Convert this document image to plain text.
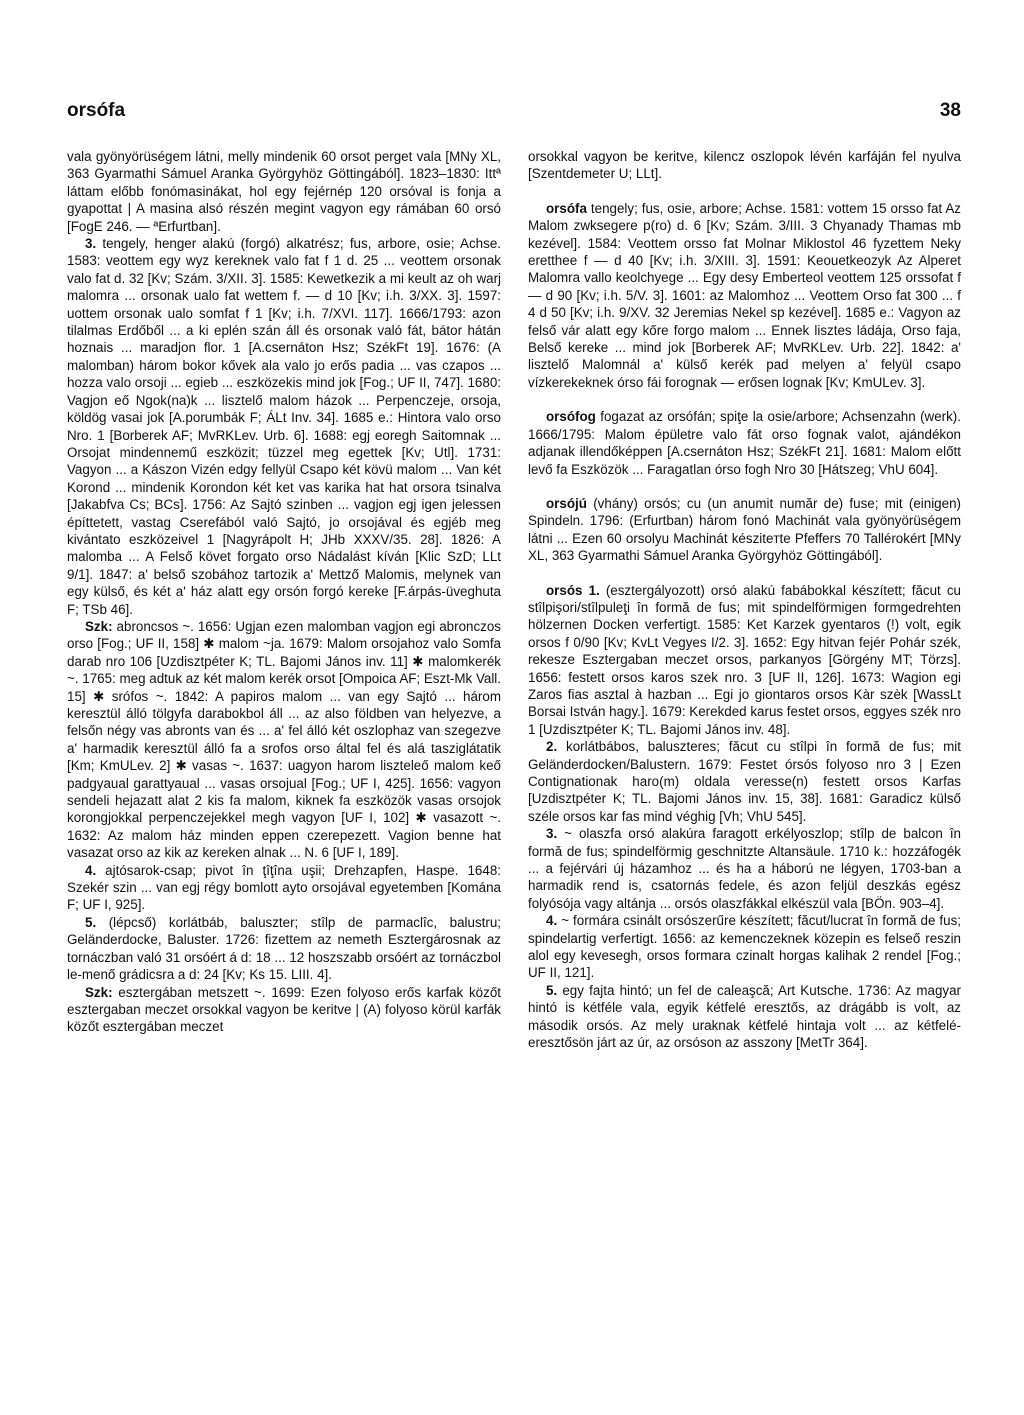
orsófa	38

vala gyönyörüségem látni, melly mindenik 60 orsot perget vala [MNy XL, 363 Gyarmathi Sámuel Aranka Györgyhöz Göttingából]. 1823–1830: Ittª láttam előbb fonómasinákat, hol egy fejérnép 120 orsóval is fonja a gyapottat | A masina alsó részén megint vagyon egy rámában 60 orsó [FogE 246. — ªErfurtban].

3. tengely, henger alakú (forgó) alkatrész; fus, arbore, osie; Achse. 1583: veottem egy wyz kereknek valo fat f 1 d. 25 ... veottem orsonak valo fat d. 32 [Kv; Szám. 3/XII. 3]. 1585: Kewetkezik a mi keult az oh warj malomra ... orsonak ualo fat wettem f. — d 10 [Kv; i.h. 3/XX. 3]. 1597: uottem orsonak ualo somfat f 1 [Kv; i.h. 7/XVI. 117]. 1666/1793: azon tilalmas Erdőből ... a ki eplén szán áll és orsonak való fát, bátor hátán hoznais ... maradjon flor. 1 [A.csernáton Hsz; SzékFt 19]. 1676: (A malomban) három bokor kővek ala valo jo erős padia ... vas czapos ... hozza valo orsoji ... egieb ... eszközekis mind jok [Fog.; UF II, 747]. 1680: Vagjon eő Ngok(na)k ... lisztelő malom házok ... Perpenczeje, orsoja, köldög vasai jok [A.porumbák F; ÁLt Inv. 34]. 1685 e.: Hintora valo orso Nro. 1 [Borberek AF; MvRKLev. Urb. 6]. 1688: egj eoregh Saitomnak ... Orsojat mindennemű eszközit; tüzzel meg egettek [Kv; Utl]. 1731: Vagyon ... a Kászon Vizén edgy fellyül Csapo két kövü malom ... Van két Korond ... mindenik Korondon két ket vas karika hat hat orsora tsinalva [Jakabfva Cs; BCs]. 1756: Az Sajtó szinben ... vagjon egj igen jelessen építtetett, vastag Cserefából való Sajtó, jo orsojával és egjéb meg kivántato eszközeivel 1 [Nagyrápolt H; JHb XXXV/35. 28]. 1826: A malomba ... A Felső követ forgato orso Nádalást kíván [Klic SzD; LLt 9/1]. 1847: a' belső szobához tartozik a' Mettző Malomis, melynek van egy külső, és két a' ház alatt egy orsón forgó kereke [F.árpás-üveghuta F; TSb 46].

Szk: abroncsos ~. 1656: Ugjan ezen malomban vagjon egi abronczos orso [Fog.; UF II, 158] ✱ malom ~ja. 1679: Malom orsojahoz valo Somfa darab nro 106 [Uzdisztpéter K; TL. Bajomi János inv. 11] ✱ malomkerék ~. 1765: meg adtuk az két malom kerék orsot [Ompoica AF; Eszt-Mk Vall. 15] ✱ srófos ~. 1842: A papiros malom ... van egy Sajtó ... három keresztül álló tölgyfa darabokbol áll ... az also földben van helyezve, a felsőn négy vas abronts van és ... a' fel álló két oszlophaz van szegezve a' harmadik keresztül álló fa a srofos orso által fel és alá tasziglátatik [Km; KmULev. 2] ✱ vasas ~. 1637: uagyon harom lisztelеő malom keő padgyaual garattyaual ... vasas orsojual [Fog.; UF I, 425]. 1656: vagyon sendeli hejazatt alat 2 kis fa malom, kiknek fa eszközök vasas orsojok korongjokkal perpenczejekkel megh vagyon [UF I, 102] ✱ vasazott ~. 1632: Az malom ház minden eppen czerepezett. Vagion benne hat vasazat orso az kik az kereken alnak ... N. 6 [UF I, 189].

4. ajtósarok-csap; pivot în ţîţîna uşii; Drehzapfen, Haspe. 1648: Szekér szin ... van egj régy bomlott ayto orsojával egyetemben [Kománа F; UF I, 925].

5. (lépcső) korlátbáb, baluszter; stîlp de parmaclîc, balustru; Geländerdocke, Baluster. 1726: fizettem az nemeth Esztergárosnak az tornáczban való 31 orsóért á d: 18 ... 12 hoszszabb orsóért az tornáczbol le-menő grádicsra a d: 24 [Kv; Ks 15. LIII. 4].

Szk: esztergában metszett ~. 1699: Ezen folyoso erős karfak közőt esztergaban meczet orsokkal vagyon be keritve | (A) folyoso körül karfák közőt esztergában meczet

orsokkal vagyon be keritve, kilencz oszlopok lévén karfáján fel nyulva [Szentdemeter U; LLt].

orsófa tengely; fus, osie, arbore; Achse. 1581: vottem 15 orsso fat Az Malom zwksegere p(ro) d. 6 [Kv; Szám. 3/III. 3 Chyanady Thamas mb kezével]. 1584: Veottem orsso fat Molnar Miklostol 46 fyzettem Neky erettheе f — d 40 [Kv; i.h. 3/XIII. 3]. 1591: Keouetkeozyk Az Alperet Malomra vallo keolchyege ... Egy desy Emberteol veottem 125 orssofat f — d 90 [Kv; i.h. 5/V. 3]. 1601: az Malomhoz ... Veottem Orso fat 300 ... f 4 d 50 [Kv; i.h. 9/XV. 32 Jeremias Nekel sp kezével]. 1685 e.: Vagyon az felső vár alatt egy kőre forgo malom ... Ennek lisztes ládája, Orso faja, Belső kereke ... mind jok [Borberek AF; MvRKLev. Urb. 22]. 1842: a' lisztelő Malomnál a' külső kerék pad melyen a' felyül csapo vízkerekeknek órso fái forognak — erősen lognak [Kv; KmULev. 3].

orsófog fogazat az orsófán; spiţe la osie/arbore; Achsenzahn (werk). 1666/1795: Malom épületre valo fát orso fognak valot, ajándékon adjanak illendőképpen [A.csernáton Hsz; SzékFt 21]. 1681: Malom előtt levő fa Eszközök ... Faragatlan órso fogh Nro 30 [Hátszeg; VhU 604].

orsójú (vhány) orsós; cu (un anumit număr de) fuse; mit (einigen) Spindeln. 1796: (Erfurtban) három fonó Machinát vala gyönyörüségem látni ... Ezen 60 orsolyu Machinát késziteтte Pfeffers 70 Tallérokért [MNy XL, 363 Gyarmathi Sámuel Aranka Györgyhöz Göttingából].

orsós 1. (esztergályozott) orsó alakú fabábokkal készített; făcut cu stîlpişori/stîlpuleţi în formă de fus; mit spindelförmigen formgedrehten hölzernen Docken verfertigt. 1585: Ket Karzek gyentaros (!) volt, egik orsos f 0/90 [Kv; KvLt Vegyes I/2. 3]. 1652: Egy hitvan fejér Pohár szék, rekesze Esztergaban meczet orsos, parkanyos [Görgény MT; Törzs]. 1656: festett orsos karos szek nro. 3 [UF II, 126]. 1673: Wagion egi Zaros fias asztal à hazban ... Egi jo giontaros orsos Kàr szèk [WassLt Borsai István hagy.]. 1679: Kerekded karus festet orsos, eggyes szék nro 1 [Uzdisztpéter K; TL. Bajomi János inv. 48].

2. korlátbábos, baluszteres; făcut cu stîlpi în formă de fus; mit Geländerdocken/Balustern. 1679: Festet órsós folyoso nro 3 | Ezen Contignationak haro(m) oldala veresse(n) festett orsos Karfas [Uzdisztpéter K; TL. Bajomi János inv. 15, 38]. 1681: Garadicz külső széle orsos kar fas mind véghig [Vh; VhU 545].

3. ~ olaszfa orsó alakúra faragott erkélyoszlop; stîlp de balcon în formă de fus; spindelförmig geschnitzte Altansäule. 1710 k.: hozzáfogék ... a fejérvári új házamhoz ... és ha a háború ne légyen, 1703-ban a harmadik rend is, csatornás fedele, és azon feljül deszkás egész folyósója vagy altánja ... orsós olaszfákkal elkészül vala [BÖn. 903–4].

4. ~ formára csinált orsószerűre készített; făcut/lucrat în formă de fus; spindelartig verfertigt. 1656: az kemenczeknek közepin es felseő reszin alol egy kevesegh, orsos formara czinalt horgas kalihak 2 rendel [Fog.; UF II, 121].

5. egy fajta hintó; un fel de caleaşcă; Art Kutsche. 1736: Az magyar hintó is kétféle vala, egyik kétfelé eresztős, az drágább is volt, az második orsós. Az mely uraknak kétfelé hintaja volt ... az kétfelé-eresztősön járt az úr, az orsóson az asszony [MetTr 364].
